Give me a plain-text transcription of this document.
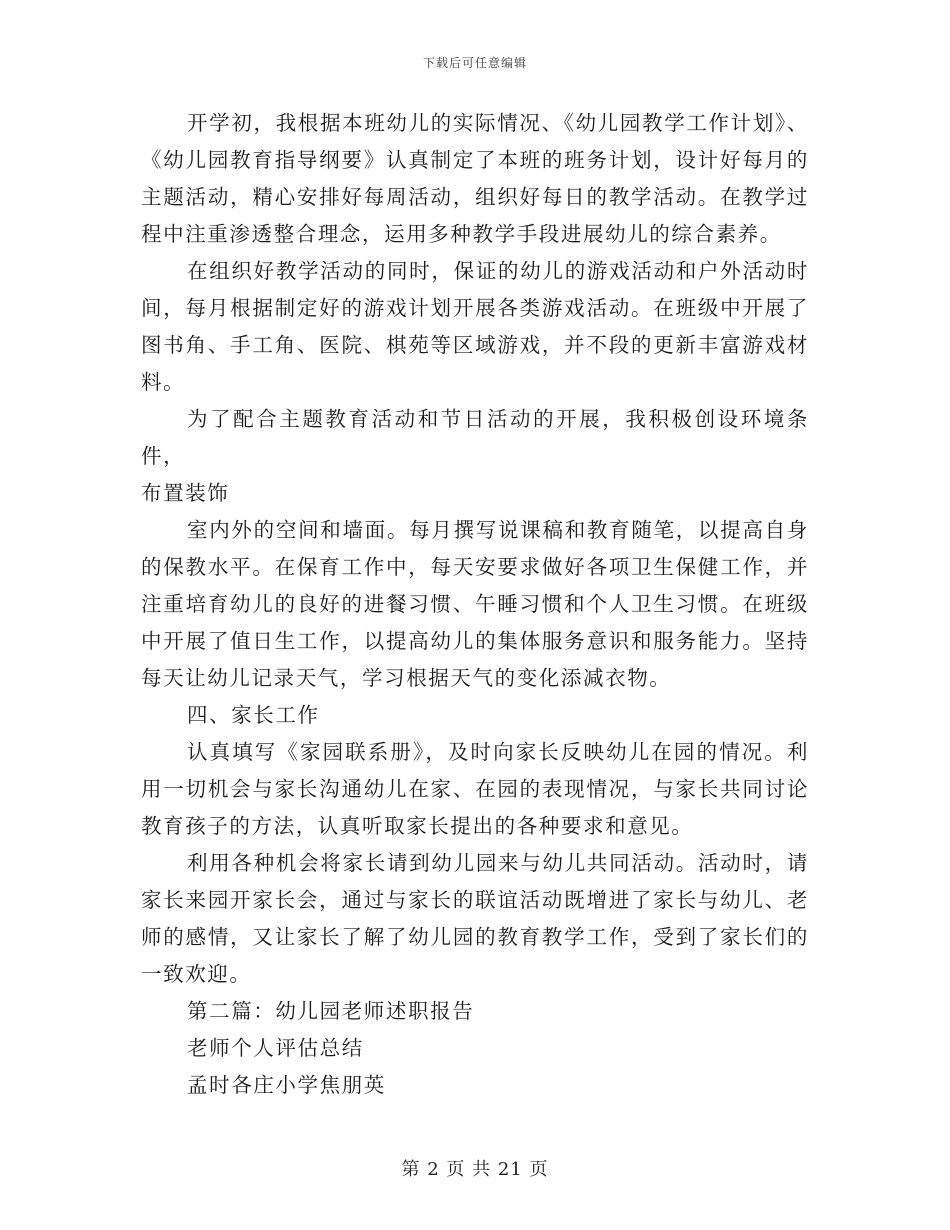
下载后可任意编辑

开学初，我根据本班幼儿的实际情况、《幼儿园教学工作计划》、《幼儿园教育指导纲要》认真制定了本班的班务计划，设计好每月的主题活动，精心安排好每周活动，组织好每日的教学活动。在教学过程中注重渗透整合理念，运用多种教学手段进展幼儿的综合素养。

在组织好教学活动的同时，保证的幼儿的游戏活动和户外活动时间，每月根据制定好的游戏计划开展各类游戏活动。在班级中开展了图书角、手工角、医院、棋苑等区域游戏，并不段的更新丰富游戏材料。

为了配合主题教育活动和节日活动的开展，我积极创设环境条件，

布置装饰

室内外的空间和墙面。每月撰写说课稿和教育随笔，以提高自身的保教水平。在保育工作中，每天安要求做好各项卫生保健工作，并注重培育幼儿的良好的进餐习惯、午睡习惯和个人卫生习惯。在班级中开展了值日生工作，以提高幼儿的集体服务意识和服务能力。坚持每天让幼儿记录天气，学习根据天气的变化添减衣物。

四、家长工作

认真填写《家园联系册》，及时向家长反映幼儿在园的情况。利用一切机会与家长沟通幼儿在家、在园的表现情况，与家长共同讨论教育孩子的方法，认真听取家长提出的各种要求和意见。

利用各种机会将家长请到幼儿园来与幼儿共同活动。活动时，请家长来园开家长会，通过与家长的联谊活动既增进了家长与幼儿、老师的感情，又让家长了解了幼儿园的教育教学工作，受到了家长们的一致欢迎。

第二篇：幼儿园老师述职报告

老师个人评估总结

孟时各庄小学焦朋英

第 2 页 共 21 页
